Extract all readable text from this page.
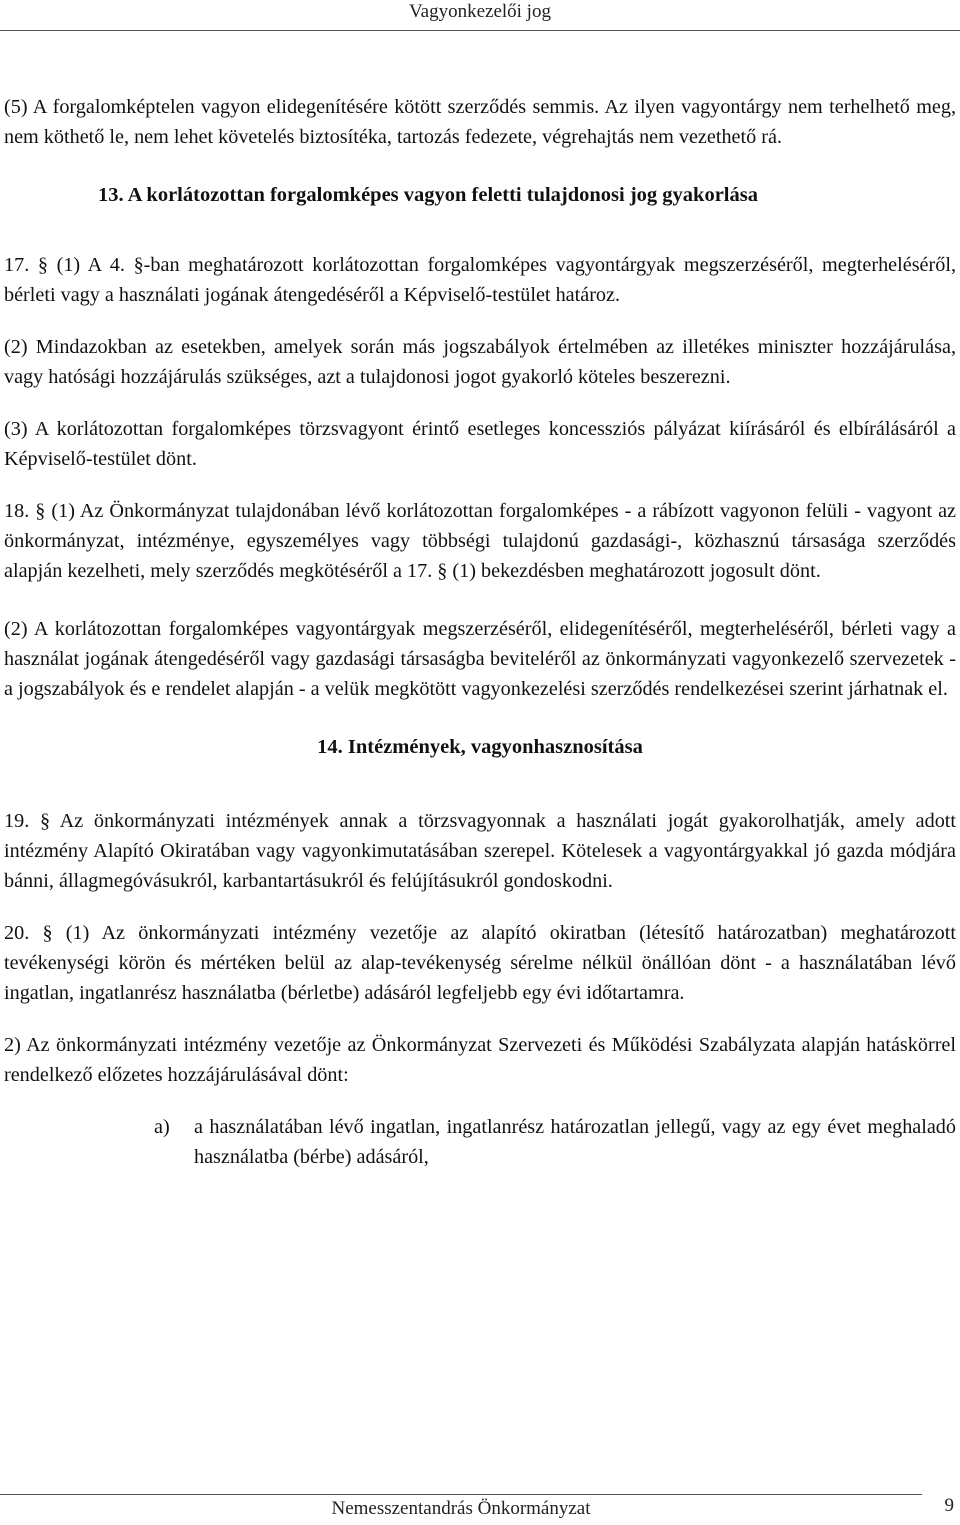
Vagyonkezelői jog

(5) A forgalomképtelen vagyon elidegenítésére kötött szerződés semmis. Az ilyen vagyontárgy nem terhelhető meg, nem köthető le, nem lehet követelés biztosítéka, tartozás fedezete, végrehajtás nem vezethető rá.

13. A korlátozottan forgalomképes vagyon feletti tulajdonosi jog gyakorlása

17. § (1) A 4. §-ban meghatározott korlátozottan forgalomképes vagyontárgyak megszerzéséről, megterheléséről, bérleti vagy a használati jogának átengedéséről a Képviselő-testület határoz.

(2) Mindazokban az esetekben, amelyek során más jogszabályok értelmében az illetékes miniszter hozzájárulása, vagy hatósági hozzájárulás szükséges, azt a tulajdonosi jogot gyakorló köteles beszerezni.

(3) A korlátozottan forgalomképes törzsvagyont érintő esetleges koncessziós pályázat kiírásáról és elbírálásáról a Képviselő-testület dönt.

18. § (1) Az Önkormányzat tulajdonában lévő korlátozottan forgalomképes - a rábízott vagyonon felüli - vagyont az önkormányzat, intézménye, egyszemélyes vagy többségi tulajdonú gazdasági-, közhasznú társasága szerződés alapján kezelheti, mely szerződés megkötéséről a 17. § (1) bekezdésben meghatározott jogosult dönt.

(2) A korlátozottan forgalomképes vagyontárgyak megszerzéséről, elidegenítéséről, megterheléséről, bérleti vagy a használat jogának átengedéséről vagy gazdasági társaságba beviteléről az önkormányzati vagyonkezelő szervezetek - a jogszabályok és e rendelet alapján - a velük megkötött vagyonkezelési szerződés rendelkezései szerint járhatnak el.

14. Intézmények, vagyonhasznosítása

19. § Az önkormányzati intézmények annak a törzsvagyonnak a használati jogát gyakorolhatják, amely adott intézmény Alapító Okiratában vagy vagyonkimutatásában szerepel. Kötelesek a vagyontárgyakkal jó gazda módjára bánni, állagmegóvásukról, karbantartásukról és felújításukról gondoskodni.

20. § (1) Az önkormányzati intézmény vezetője az alapító okiratban (létesítő határozatban) meghatározott tevékenységi körön és mértéken belül az alap-tevékenység sérelme nélkül önállóan dönt - a használatában lévő ingatlan, ingatlanrész használatba (bérletbe) adásáról legfeljebb egy évi időtartamra.

2) Az önkormányzati intézmény vezetője az Önkormányzat Szervezeti és Működési Szabályzata alapján hatáskörrel rendelkező előzetes hozzájárulásával dönt:

a)	a használatában lévő ingatlan, ingatlanrész határozatlan jellegű, vagy az egy évet meghaladó használatba (bérbe) adásáról,
Nemesszentandrás Önkormányzat	9
